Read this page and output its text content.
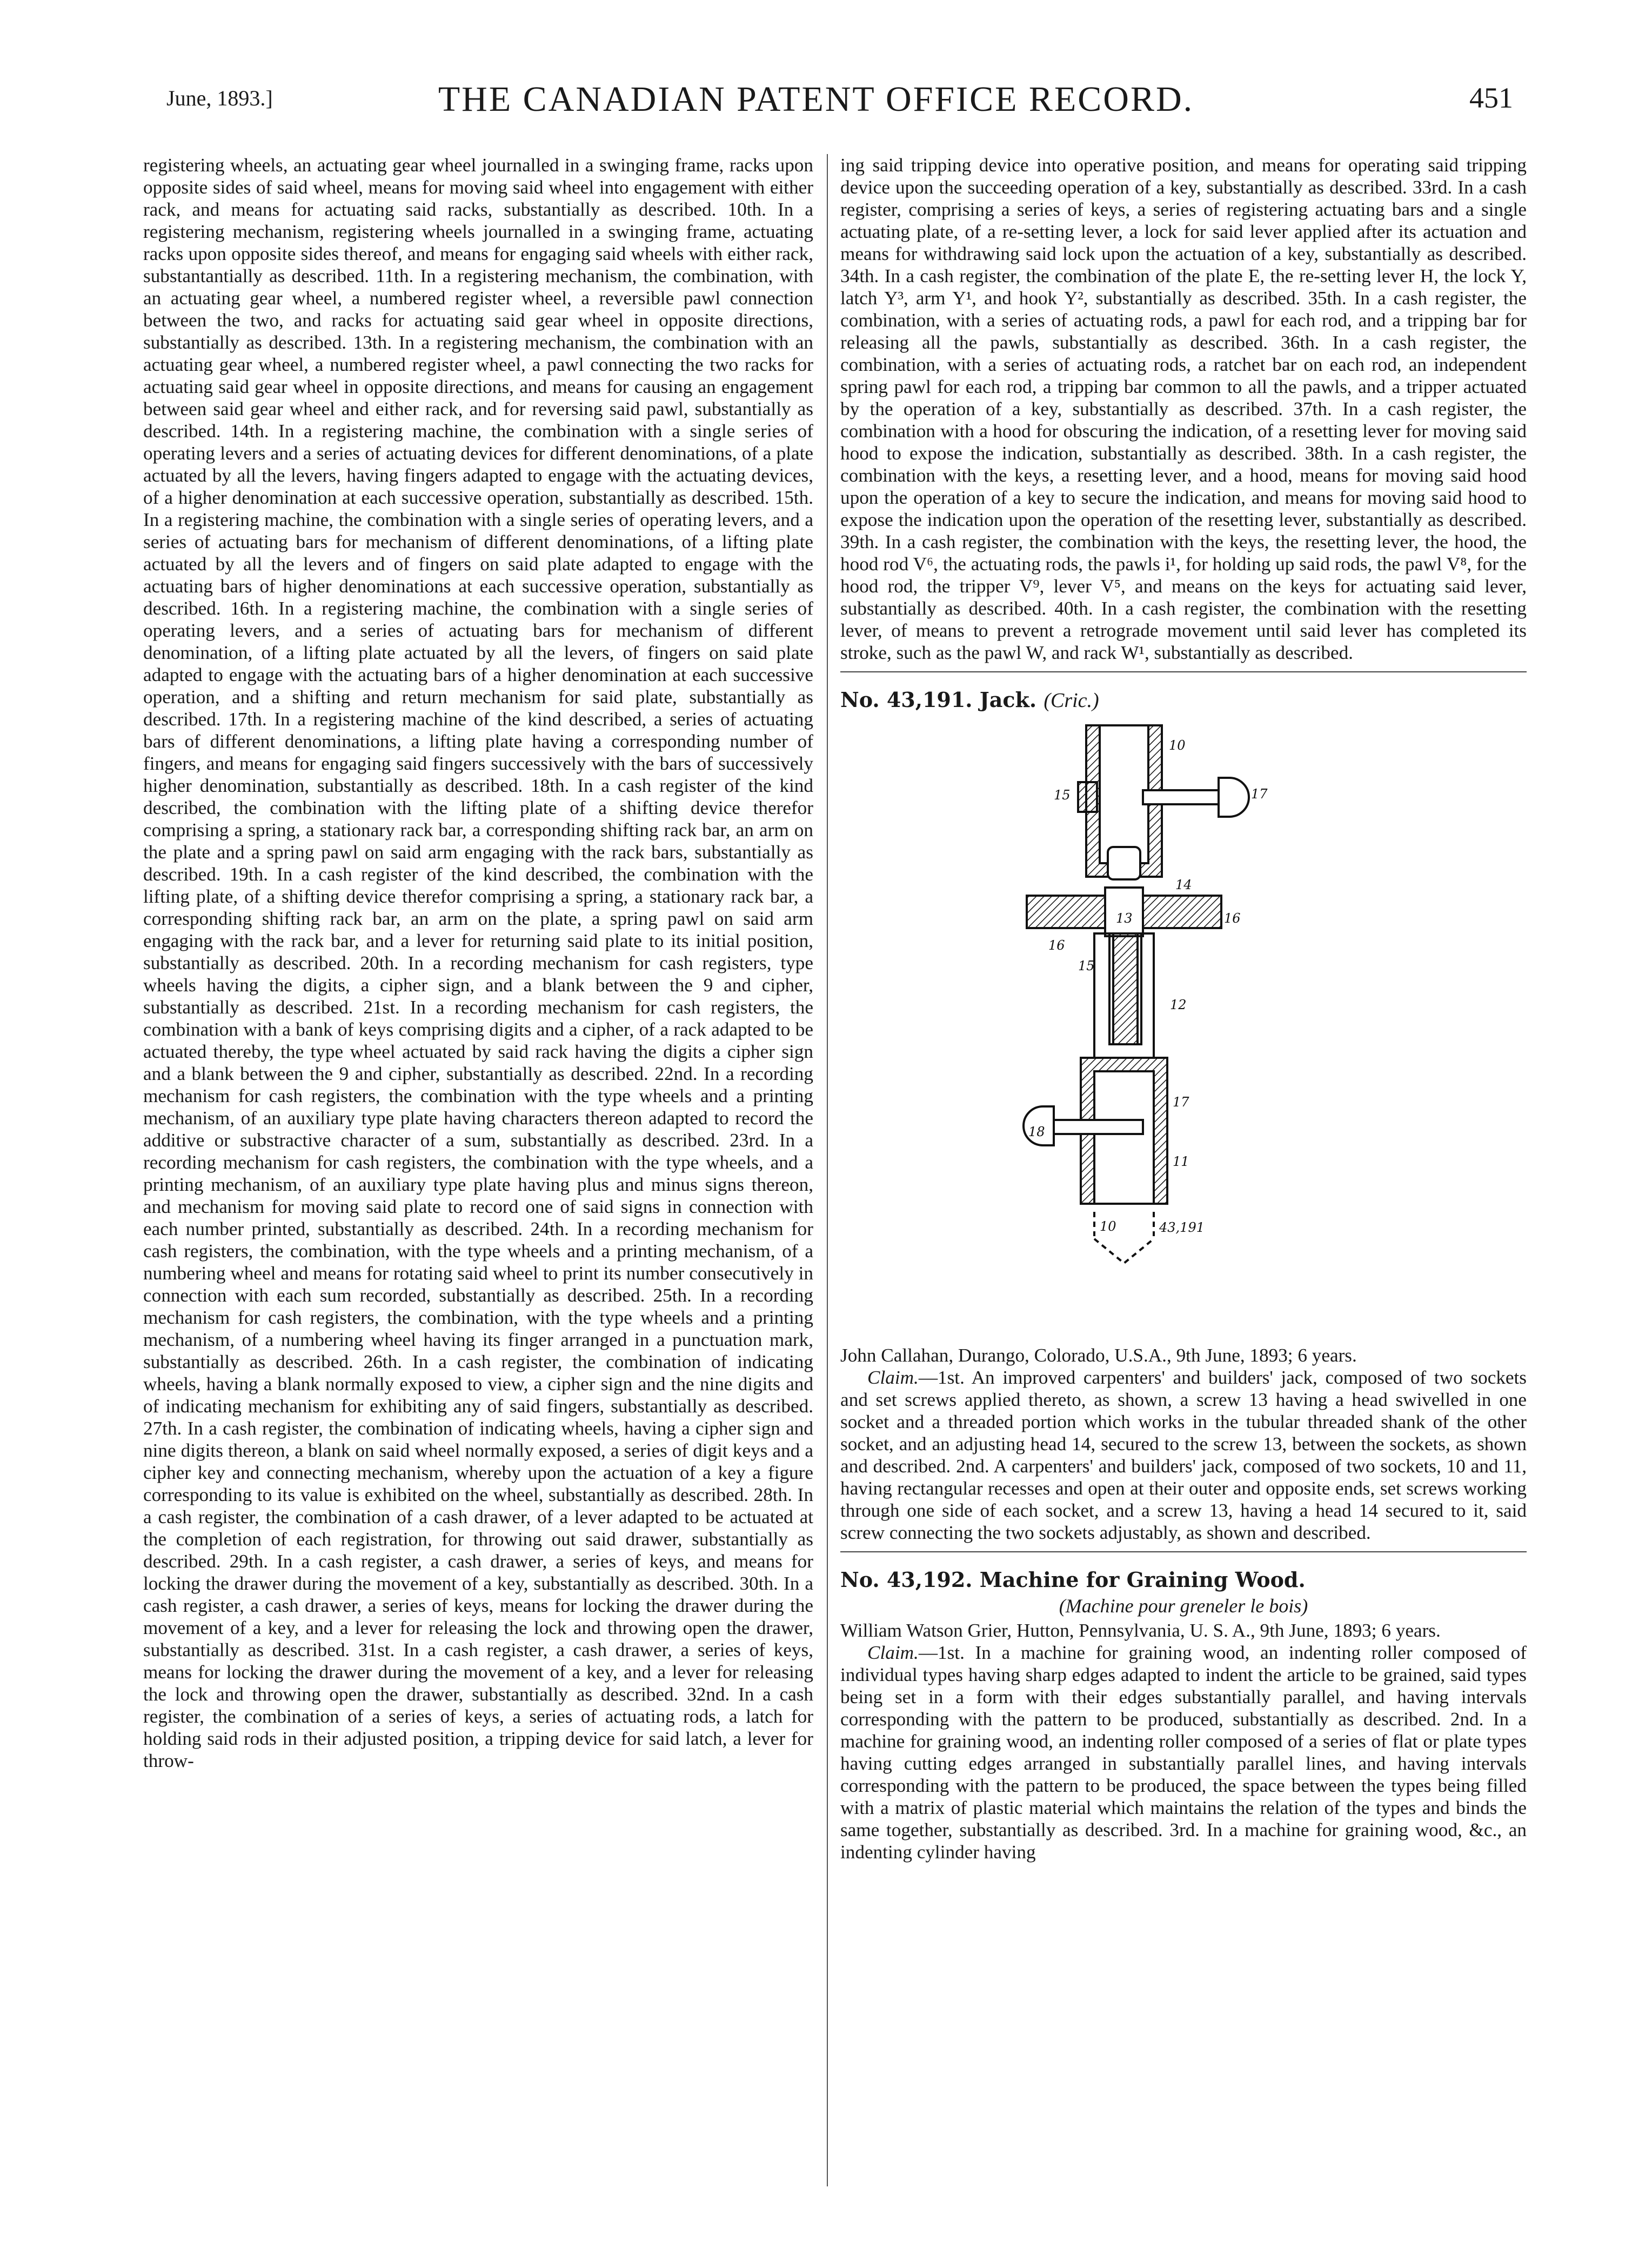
June, 1893.]	THE CANADIAN PATENT OFFICE RECORD.	451

registering wheels, an actuating gear wheel journalled in a swinging frame, racks upon opposite sides of said wheel, means for moving said wheel into engagement with either rack, and means for actuating said racks, substantially as described. 10th. In a registering mechanism, registering wheels journalled in a swinging frame, actuating racks upon opposite sides thereof, and means for engaging said wheels with either rack, substantantially as described. 11th. In a registering mechanism, the combination, with an actuating gear wheel, a numbered register wheel, a reversible pawl connection between the two, and racks for actuating said gear wheel in opposite directions, substantially as described. 13th. In a registering mechanism, the combination with an actuating gear wheel, a numbered register wheel, a pawl connecting the two racks for actuating said gear wheel in opposite directions, and means for causing an engagement between said gear wheel and either rack, and for reversing said pawl, substantially as described. 14th. In a registering machine, the combination with a single series of operating levers and a series of actuating devices for different denominations, of a plate actuated by all the levers, having fingers adapted to engage with the actuating devices, of a higher denomination at each successive operation, substantially as described. 15th. In a registering machine, the combination with a single series of operating levers, and a series of actuating bars for mechanism of different denominations, of a lifting plate actuated by all the levers and of fingers on said plate adapted to engage with the actuating bars of higher denominations at each successive operation, substantially as described. 16th. In a registering machine, the combination with a single series of operating levers, and a series of actuating bars for mechanism of different denomination, of a lifting plate actuated by all the levers, of fingers on said plate adapted to engage with the actuating bars of a higher denomination at each successive operation, and a shifting and return mechanism for said plate, substantially as described. 17th. In a registering machine of the kind described, a series of actuating bars of different denominations, a lifting plate having a corresponding number of fingers, and means for engaging said fingers successively with the bars of successively higher denomination, substantially as described. 18th. In a cash register of the kind described, the combination with the lifting plate of a shifting device therefor comprising a spring, a stationary rack bar, a corresponding shifting rack bar, an arm on the plate and a spring pawl on said arm engaging with the rack bars, substantially as described. 19th. In a cash register of the kind described, the combination with the lifting plate, of a shifting device therefor comprising a spring, a stationary rack bar, a corresponding shifting rack bar, an arm on the plate, a spring pawl on said arm engaging with the rack bar, and a lever for returning said plate to its initial position, substantially as described. 20th. In a recording mechanism for cash registers, type wheels having the digits, a cipher sign, and a blank between the 9 and cipher, substantially as described. 21st. In a recording mechanism for cash registers, the combination with a bank of keys comprising digits and a cipher, of a rack adapted to be actuated thereby, the type wheel actuated by said rack having the digits a cipher sign and a blank between the 9 and cipher, substantially as described. 22nd. In a recording mechanism for cash registers, the combination with the type wheels and a printing mechanism, of an auxiliary type plate having characters thereon adapted to record the additive or substractive character of a sum, substantially as described. 23rd. In a recording mechanism for cash registers, the combination with the type wheels, and a printing mechanism, of an auxiliary type plate having plus and minus signs thereon, and mechanism for moving said plate to record one of said signs in connection with each number printed, substantially as described. 24th. In a recording mechanism for cash registers, the combination, with the type wheels and a printing mechanism, of a numbering wheel and means for rotating said wheel to print its number consecutively in connection with each sum recorded, substantially as described. 25th. In a recording mechanism for cash registers, the combination, with the type wheels and a printing mechanism, of a numbering wheel having its finger arranged in a punctuation mark, substantially as described. 26th. In a cash register, the combination of indicating wheels, having a blank normally exposed to view, a cipher sign and the nine digits and of indicating mechanism for exhibiting any of said fingers, substantially as described. 27th. In a cash register, the combination of indicating wheels, having a cipher sign and nine digits thereon, a blank on said wheel normally exposed, a series of digit keys and a cipher key and connecting mechanism, whereby upon the actuation of a key a figure corresponding to its value is exhibited on the wheel, substantially as described. 28th. In a cash register, the combination of a cash drawer, of a lever adapted to be actuated at the completion of each registration, for throwing out said drawer, substantially as described. 29th. In a cash register, a cash drawer, a series of keys, and means for locking the drawer during the movement of a key, substantially as described. 30th. In a cash register, a cash drawer, a series of keys, means for locking the drawer during the movement of a key, and a lever for releasing the lock and throwing open the drawer, substantially as described. 31st. In a cash register, a cash drawer, a series of keys, means for locking the drawer during the movement of a key, and a lever for releasing the lock and throwing open the drawer, substantially as described. 32nd. In a cash register, the combination of a series of keys, a series of actuating rods, a latch for holding said rods in their adjusted position, a tripping device for said latch, a lever for throw-

ing said tripping device into operative position, and means for operating said tripping device upon the succeeding operation of a key, substantially as described. 33rd. In a cash register, comprising a series of keys, a series of registering actuating bars and a single actuating plate, of a re-setting lever, a lock for said lever applied after its actuation and means for withdrawing said lock upon the actuation of a key, substantially as described. 34th. In a cash register, the combination of the plate E, the re-setting lever H, the lock Y, latch Y³, arm Y¹, and hook Y², substantially as described. 35th. In a cash register, the combination, with a series of actuating rods, a pawl for each rod, and a tripping bar for releasing all the pawls, substantially as described. 36th. In a cash register, the combination, with a series of actuating rods, a ratchet bar on each rod, an independent spring pawl for each rod, a tripping bar common to all the pawls, and a tripper actuated by the operation of a key, substantially as described. 37th. In a cash register, the combination with a hood for obscuring the indication, of a resetting lever for moving said hood to expose the indication, substantially as described. 38th. In a cash register, the combination with the keys, a resetting lever, and a hood, means for moving said hood upon the operation of a key to secure the indication, and means for moving said hood to expose the indication upon the operation of the resetting lever, substantially as described. 39th. In a cash register, the combination with the keys, the resetting lever, the hood, the hood rod V⁶, the actuating rods, the pawls i¹, for holding up said rods, the pawl V⁸, for the hood rod, the tripper V⁹, lever V⁵, and means on the keys for actuating said lever, substantially as described. 40th. In a cash register, the combination with the resetting lever, of means to prevent a retrograde movement until said lever has completed its stroke, such as the pawl W, and rack W¹, substantially as described.

No. 43,191. Jack. (Cric.)

10
17
15
14
13	16
16
15
12
17
18
11
10	43,191

John Callahan, Durango, Colorado, U.S.A., 9th June, 1893; 6 years.

Claim.—1st. An improved carpenters' and builders' jack, composed of two sockets and set screws applied thereto, as shown, a screw 13 having a head swivelled in one socket and a threaded portion which works in the tubular threaded shank of the other socket, and an adjusting head 14, secured to the screw 13, between the sockets, as shown and described. 2nd. A carpenters' and builders' jack, composed of two sockets, 10 and 11, having rectangular recesses and open at their outer and opposite ends, set screws working through one side of each socket, and a screw 13, having a head 14 secured to it, said screw connecting the two sockets adjustably, as shown and described.

No. 43,192. Machine for Graining Wood.

(Machine pour greneler le bois)

William Watson Grier, Hutton, Pennsylvania, U. S. A., 9th June, 1893; 6 years.

Claim.—1st. In a machine for graining wood, an indenting roller composed of individual types having sharp edges adapted to indent the article to be grained, said types being set in a form with their edges substantially parallel, and having intervals corresponding with the pattern to be produced, substantially as described. 2nd. In a machine for graining wood, an indenting roller composed of a series of flat or plate types having cutting edges arranged in substantially parallel lines, and having intervals corresponding with the pattern to be produced, the space between the types being filled with a matrix of plastic material which maintains the relation of the types and binds the same together, substantially as described. 3rd. In a machine for graining wood, &c., an indenting cylinder having
